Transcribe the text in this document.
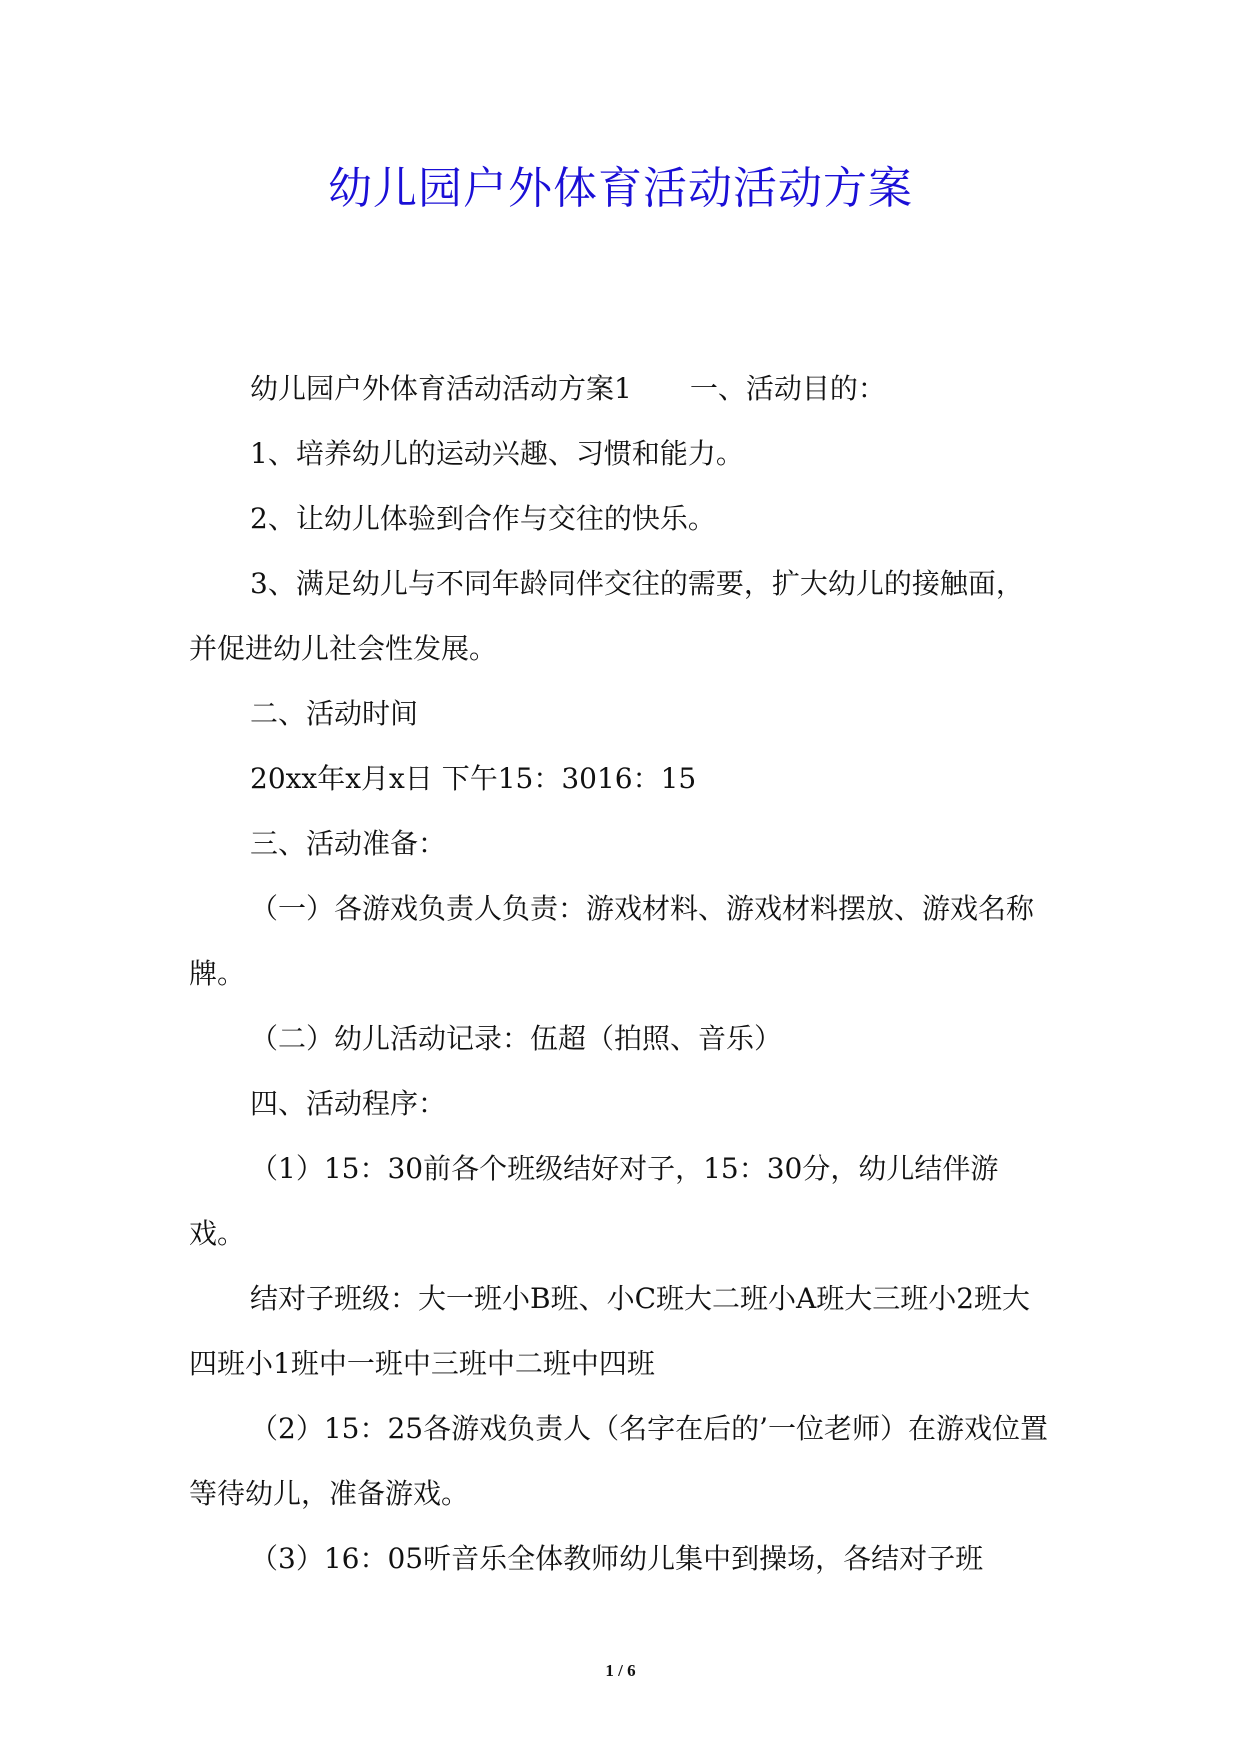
幼儿园户外体育活动活动方案

幼儿园户外体育活动活动方案1 一、活动目的：

1、培养幼儿的运动兴趣、习惯和能力。

2、让幼儿体验到合作与交往的快乐。

3、满足幼儿与不同年龄同伴交往的需要，扩大幼儿的接触面，并促进幼儿社会性发展。

二、活动时间

20xx年x月x日 下午15：3016：15

三、活动准备：

（一）各游戏负责人负责：游戏材料、游戏材料摆放、游戏名称牌。

（二）幼儿活动记录：伍超（拍照、音乐）

四、活动程序：

（1）15：30前各个班级结好对子，15：30分，幼儿结伴游戏。

结对子班级：大一班小B班、小C班大二班小A班大三班小2班大四班小1班中一班中三班中二班中四班

（2）15：25各游戏负责人（名字在后的’一位老师）在游戏位置等待幼儿，准备游戏。

（3）16：05听音乐全体教师幼儿集中到操场，各结对子班

1 / 6
